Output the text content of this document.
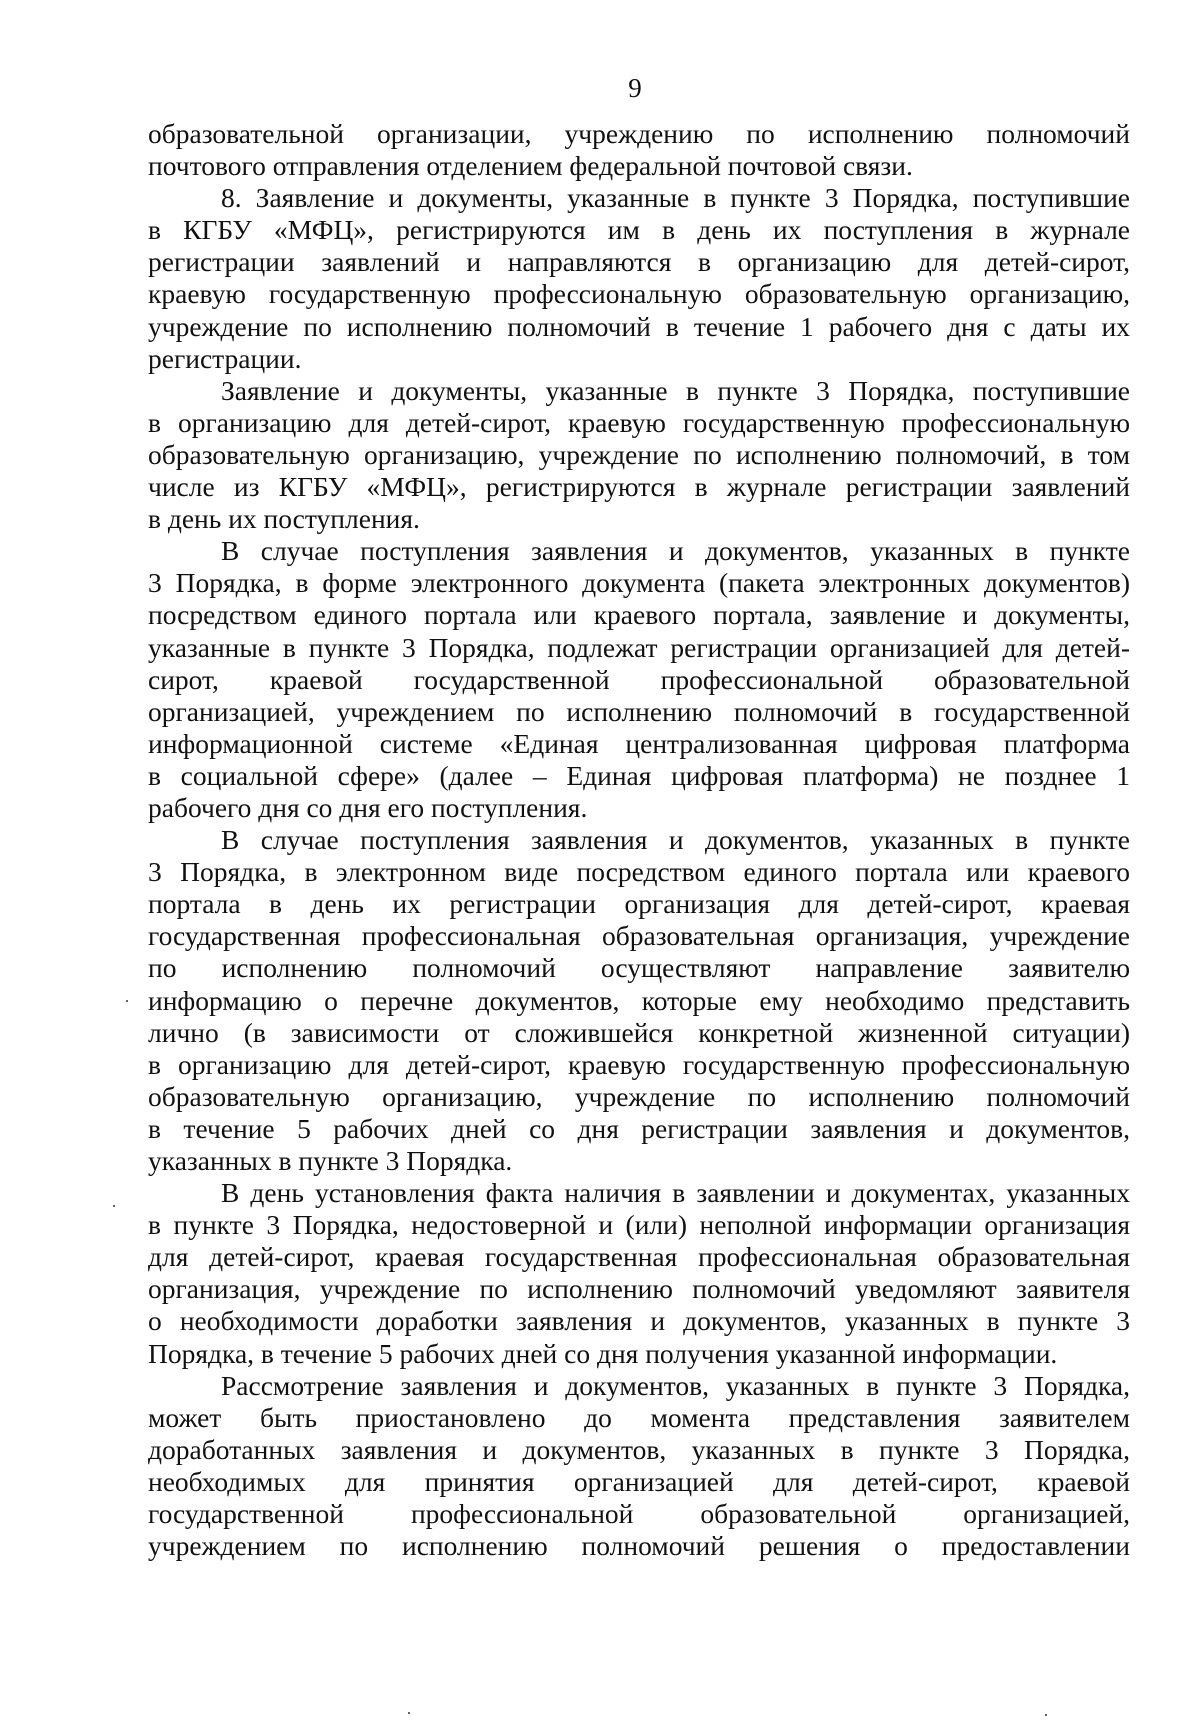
9
образовательной организации, учреждению по исполнению полномочий
почтового отправления отделением федеральной почтовой связи.
8. Заявление и документы, указанные в пункте 3 Порядка, поступившие
в КГБУ «МФЦ», регистрируются им в день их поступления в журнале
регистрации заявлений и направляются в организацию для детей-сирот,
краевую государственную профессиональную образовательную организацию,
учреждение по исполнению полномочий в течение 1 рабочего дня с даты их
регистрации.
Заявление и документы, указанные в пункте 3 Порядка, поступившие
в организацию для детей-сирот, краевую государственную профессиональную
образовательную организацию, учреждение по исполнению полномочий, в том
числе из КГБУ «МФЦ», регистрируются в журнале регистрации заявлений
в день их поступления.
В случае поступления заявления и документов, указанных в пункте
3 Порядка, в форме электронного документа (пакета электронных документов)
посредством единого портала или краевого портала, заявление и документы,
указанные в пункте 3 Порядка, подлежат регистрации организацией для детей-
сирот, краевой государственной профессиональной образовательной
организацией, учреждением по исполнению полномочий в государственной
информационной системе «Единая централизованная цифровая платформа
в социальной сфере» (далее – Единая цифровая платформа) не позднее 1
рабочего дня со дня его поступления.
В случае поступления заявления и документов, указанных в пункте
3 Порядка, в электронном виде посредством единого портала или краевого
портала в день их регистрации организация для детей-сирот, краевая
государственная профессиональная образовательная организация, учреждение
по исполнению полномочий осуществляют направление заявителю
информацию о перечне документов, которые ему необходимо представить
лично (в зависимости от сложившейся конкретной жизненной ситуации)
в организацию для детей-сирот, краевую государственную профессиональную
образовательную организацию, учреждение по исполнению полномочий
в течение 5 рабочих дней со дня регистрации заявления и документов,
указанных в пункте 3 Порядка.
В день установления факта наличия в заявлении и документах, указанных
в пункте 3 Порядка, недостоверной и (или) неполной информации организация
для детей-сирот, краевая государственная профессиональная образовательная
организация, учреждение по исполнению полномочий уведомляют заявителя
о необходимости доработки заявления и документов, указанных в пункте 3
Порядка, в течение 5 рабочих дней со дня получения указанной информации.
Рассмотрение заявления и документов, указанных в пункте 3 Порядка,
может быть приостановлено до момента представления заявителем
доработанных заявления и документов, указанных в пункте 3 Порядка,
необходимых для принятия организацией для детей-сирот, краевой
государственной профессиональной образовательной организацией,
учреждением по исполнению полномочий решения о предоставлении
